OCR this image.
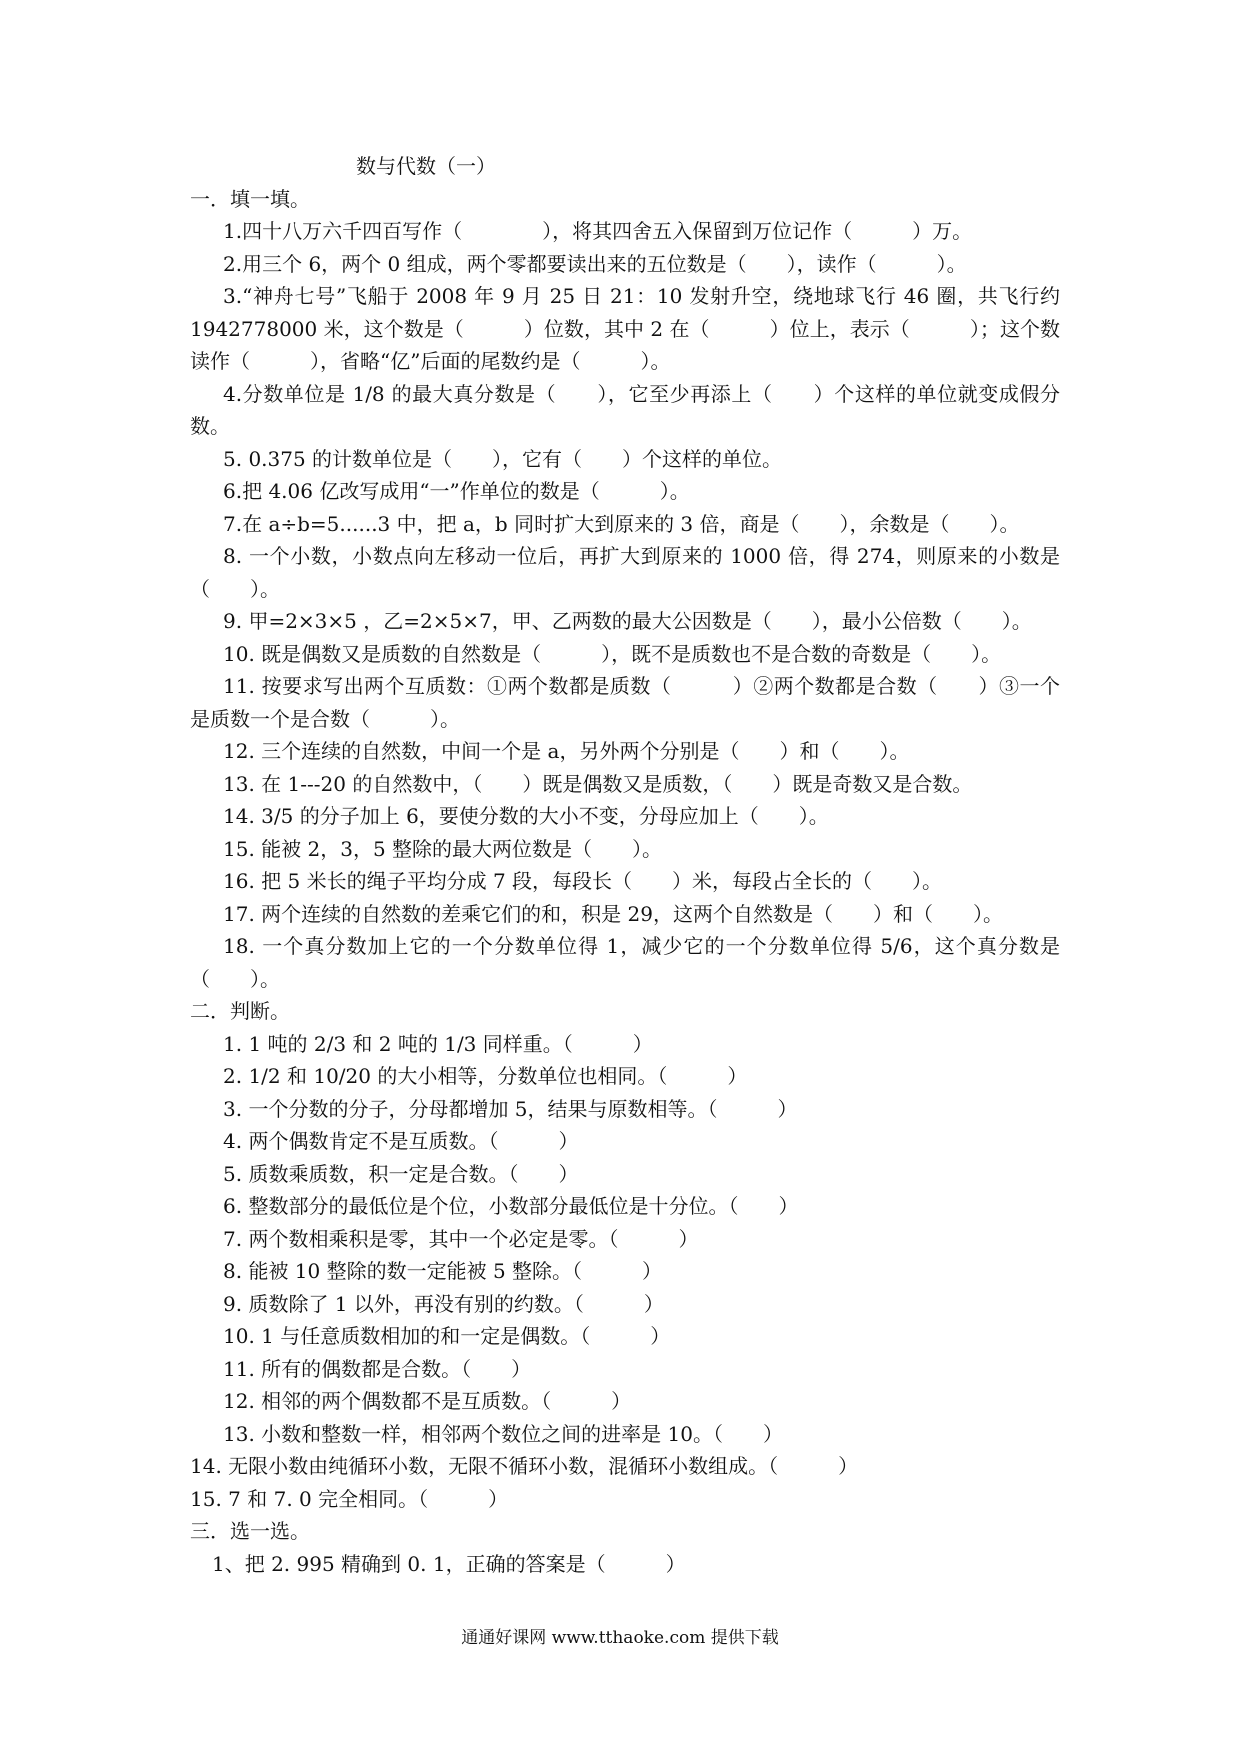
数与代数（一）
一．填一填。
1.四十八万六千四百写作（　　　　），将其四舍五入保留到万位记作（　　　）万。
2.用三个 6，两个 0 组成，两个零都要读出来的五位数是（　　），读作（　　　）。
3.“神舟七号”飞船于 2008 年 9 月 25 日 21：10 发射升空，绕地球飞行 46 圈，共飞行约 1942778000 米，这个数是（　　　）位数，其中 2 在（　　　）位上，表示（　　　）；这个数读作（　　　），省略“亿”后面的尾数约是（　　　）。
4.分数单位是 1/8 的最大真分数是（　　），它至少再添上（　　）个这样的单位就变成假分数。
5. 0.375 的计数单位是（　　），它有（　　）个这样的单位。
6.把 4.06 亿改写成用“一”作单位的数是（　　　）。
7.在 a÷b=5......3 中，把 a，b 同时扩大到原来的 3 倍，商是（　　），余数是（　　）。
8. 一个小数，小数点向左移动一位后，再扩大到原来的 1000 倍，得 274，则原来的小数是（　　）。
9. 甲=2×3×5 ，乙=2×5×7，甲、乙两数的最大公因数是（　　），最小公倍数（　　）。
10. 既是偶数又是质数的自然数是（　　　），既不是质数也不是合数的奇数是（　　）。
11. 按要求写出两个互质数：①两个数都是质数（　　　）②两个数都是合数（　　）③一个是质数一个是合数（　　　）。
12. 三个连续的自然数，中间一个是 a，另外两个分别是（　　）和（　　）。
13. 在 1---20 的自然数中，（　　）既是偶数又是质数，（　　）既是奇数又是合数。
14. 3/5 的分子加上 6，要使分数的大小不变，分母应加上（　　）。
15. 能被 2，3，5 整除的最大两位数是（　　）。
16. 把 5 米长的绳子平均分成 7 段，每段长（　　）米，每段占全长的（　　）。
17. 两个连续的自然数的差乘它们的和，积是 29，这两个自然数是（　　）和（　　）。
18. 一个真分数加上它的一个分数单位得 1，减少它的一个分数单位得 5/6，这个真分数是（　　）。
二．判断。
1. 1 吨的 2/3 和 2 吨的 1/3 同样重。（　　　）
2. 1/2 和 10/20 的大小相等，分数单位也相同。（　　　）
3. 一个分数的分子，分母都增加 5，结果与原数相等。（　　　）
4. 两个偶数肯定不是互质数。（　　　）
5. 质数乘质数，积一定是合数。（　　）
6. 整数部分的最低位是个位，小数部分最低位是十分位。（　　）
7. 两个数相乘积是零，其中一个必定是零。（　　　）
8. 能被 10 整除的数一定能被 5 整除。（　　　）
9. 质数除了 1 以外，再没有别的约数。（　　　）
10. 1 与任意质数相加的和一定是偶数。（　　　）
11. 所有的偶数都是合数。（　　）
12. 相邻的两个偶数都不是互质数。（　　　）
13. 小数和整数一样，相邻两个数位之间的进率是 10。（　　）
14. 无限小数由纯循环小数，无限不循环小数，混循环小数组成。（　　　）
15. 7 和 7. 0 完全相同。（　　　）
三．选一选。
1、把 2. 995 精确到 0. 1，正确的答案是（　　　）
通通好课网 www.tthaoke.com 提供下载
